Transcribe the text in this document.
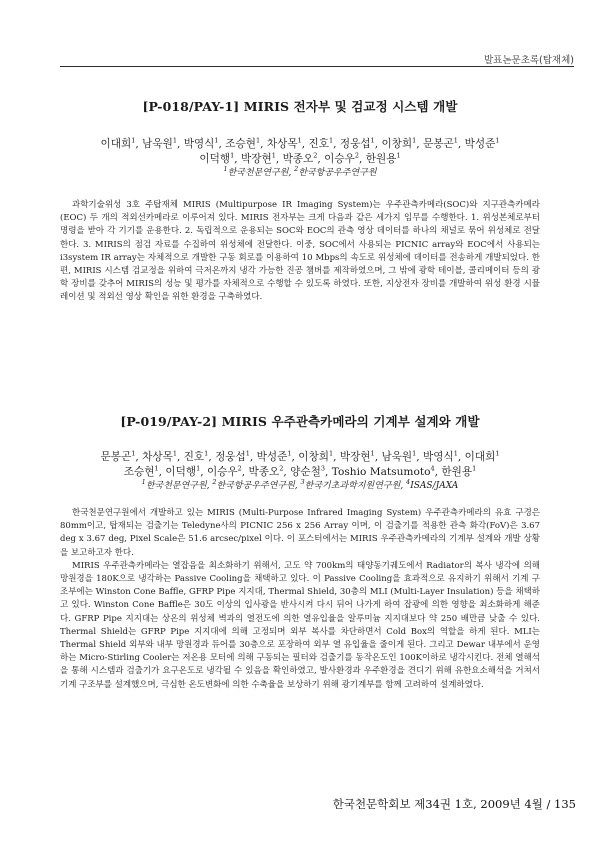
발표논문초록(탑재체)
[P-018/PAY-1] MIRIS 전자부 및 검교정 시스템 개발

이대희$^1$, 남욱원$^1$, 박영식$^1$, 조승현$^1$, 차상목$^1$, 진호$^1$, 정웅섭$^1$, 이창희$^1$, 문봉곤$^1$, 박성준$^1$

이덕행$^1$, 박장현$^1$, 박종오$^2$, 이승우$^2$, 한원용$^1$

$^1$한국천문연구원, $^2$한국항공우주연구원

과학기술위성 3호 주탑재체 MIRIS (Multipurpose IR Imaging System)는 우주관측카메라(SOC)와 지구관측카메라 (EOC) 두 개의 적외선카메라로 이루어져 있다. MIRIS 전자부는 크게 다음과 같은 세가지 임무를 수행한다. 1. 위성본체로부터 명령을 받아 각 기기를 운용한다. 2. 독립적으로 운용되는 SOC와 EOC의 관측 영상 데이터를 하나의 채널로 묶어 위성체로 전달한다. 3. MIRIS의 점검 자료를 수집하여 위성체에 전달한다. 이중, SOC에서 사용되는 PICNIC array와 EOC에서 사용되는 i3system IR array는 자체적으로 개발한 구동 회로를 이용하여 10 Mbps의 속도로 위성체에 데이터를 전송하게 개발되었다. 한편, MIRIS 시스템 검교정을 위하여 극저온까지 냉각 가능한 진공 챔버를 제작하였으며, 그 밖에 광학 테이블, 콜리메이터 등의 광학 장비를 갖추어 MIRIS의 성능 및 평가를 자체적으로 수행할 수 있도록 하였다. 또한, 지상전자 장비를 개발하여 위성 환경 시뮬레이션 및 적외선 영상 확인을 위한 환경을 구축하였다.

[P-019/PAY-2] MIRIS 우주관측카메라의 기계부 설계와 개발

문봉곤$^1$, 차상목$^1$, 진호$^1$, 정웅섭$^1$, 박성준$^1$, 이창희$^1$, 박장현$^1$, 남욱원$^1$, 박영식$^1$, 이대희$^1$

조승현$^1$, 이덕행$^1$, 이승우$^2$, 박종오$^2$, 양순철$^3$, Toshio Matsumoto$^4$, 한원용$^1$

$^1$한국천문연구원, $^2$한국항공우주연구원, $^3$한국기초과학지원연구원, $^4$ISAS/JAXA

한국천문연구원에서 개발하고 있는 MIRIS (Multi-Purpose Infrared Imaging System) 우주관측카메라의 유효 구경은 80mm이고, 탑재되는 검출기는 Teledyne사의 PICNIC 256 x 256 Array 이며, 이 검출기를 적용한 관측 화각(FoV)은 3.67 deg x 3.67 deg, Pixel Scale은 51.6 arcsec/pixel 이다. 이 포스터에서는 MIRIS 우주관측카메라의 기계부 설계와 개발 상황을 보고하고자 한다.

MIRIS 우주관측카메라는 열잡음을 최소화하기 위해서, 고도 약 700km의 태양동기궤도에서 Radiator의 복사 냉각에 의해 망원경을 180K으로 냉각하는 Passive Cooling을 채택하고 있다. 이 Passive Cooling을 효과적으로 유지하기 위해서 기계 구조부에는 Winston Cone Baffle, GFRP Pipe 지지대, Thermal Shield, 30층의 MLI (Multi-Layer Insulation) 등을 채택하고 있다. Winston Cone Baffle은 30도 이상의 입사광을 반사시켜 다시 뒤어 나가게 하여 잡광에 의한 영향을 최소화하게 해준다. GFRP Pipe 지지대는 상온의 위성체 벽과의 열전도에 의한 열유입율을 알루미늄 지지대보다 약 250 배만큼 낮출 수 있다. Thermal Shield는 GFRP Pipe 지지대에 의해 고정되며 외부 복사를 차단하면서 Cold Box의 역할을 하게 된다. MLI는 Thermal Shield 외부와 내부 망원경과 듀어를 30층으로 포장하여 외부 열 유입율을 줄이게 된다. 그리고 Dewar 내부에서 운영하는 Micro-Stirling Cooler는 저온용 모터에 의해 구동되는 필터와 검출기를 동작온도인 100K이하로 냉각시킨다. 전체 열해석을 통해 시스템과 검출기가 요구온도로 냉각될 수 있음을 확인하였고, 발사환경과 우주환경을 견디기 위해 유한요소해석을 거쳐서 기계 구조부를 설계했으며, 극심한 온도변화에 의한 수축율을 보상하기 위해 광기계부를 함께 고려하여 설계하였다.

한국천문학회보 제34권 1호, 2009년 4월 / 135
